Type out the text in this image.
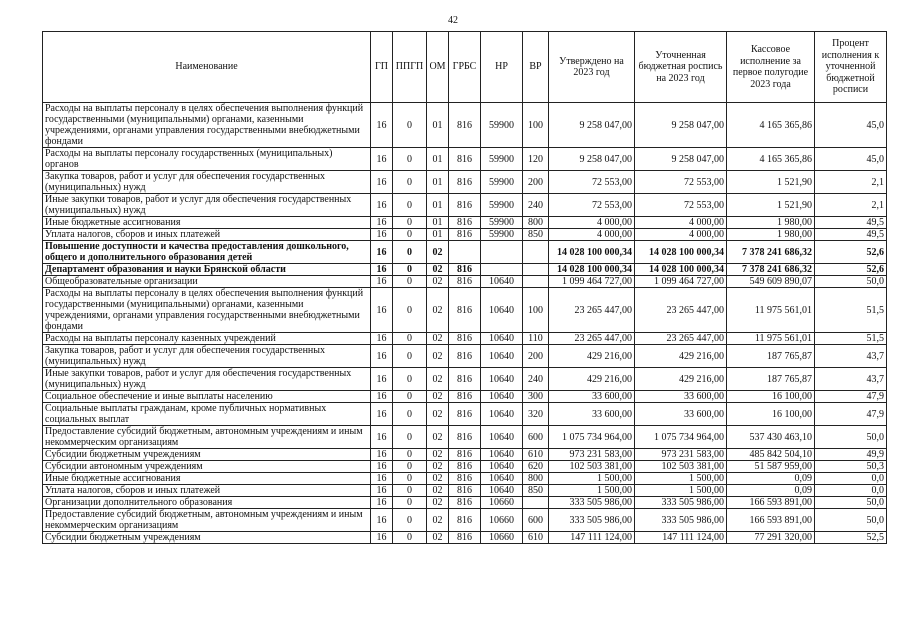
42
Наименование	ГП	ППГП	ОМ	ГРБС	НР	ВР	Утверждено на 2023 год	Уточненная бюджетная роспись на 2023 год	Кассовое исполнение за первое полугодие 2023 года	Процент исполнения к уточненной бюджетной росписи
Расходы на выплаты персоналу в целях обеспечения выполнения функций государственными (муниципальными) органами, казенными учреждениями, органами управления государственными внебюджетными фондами	16	0	01	816	59900	100	9 258 047,00	9 258 047,00	4 165 365,86	45,0
Расходы на выплаты персоналу государственных (муниципальных) органов	16	0	01	816	59900	120	9 258 047,00	9 258 047,00	4 165 365,86	45,0
Закупка товаров, работ и услуг для обеспечения государственных (муниципальных) нужд	16	0	01	816	59900	200	72 553,00	72 553,00	1 521,90	2,1
Иные закупки товаров, работ и услуг для обеспечения государственных (муниципальных) нужд	16	0	01	816	59900	240	72 553,00	72 553,00	1 521,90	2,1
Иные бюджетные ассигнования	16	0	01	816	59900	800	4 000,00	4 000,00	1 980,00	49,5
Уплата налогов, сборов и иных платежей	16	0	01	816	59900	850	4 000,00	4 000,00	1 980,00	49,5
Повышение доступности и качества предоставления дошкольного, общего и дополнительного образования детей	16	0	02				14 028 100 000,34	14 028 100 000,34	7 378 241 686,32	52,6
Департамент образования и науки Брянской области	16	0	02	816			14 028 100 000,34	14 028 100 000,34	7 378 241 686,32	52,6
Общеобразовательные организации	16	0	02	816	10640		1 099 464 727,00	1 099 464 727,00	549 609 890,07	50,0
Расходы на выплаты персоналу в целях обеспечения выполнения функций государственными (муниципальными) органами, казенными учреждениями, органами управления государственными внебюджетными фондами	16	0	02	816	10640	100	23 265 447,00	23 265 447,00	11 975 561,01	51,5
Расходы на выплаты персоналу казенных учреждений	16	0	02	816	10640	110	23 265 447,00	23 265 447,00	11 975 561,01	51,5
Закупка товаров, работ и услуг для обеспечения государственных (муниципальных) нужд	16	0	02	816	10640	200	429 216,00	429 216,00	187 765,87	43,7
Иные закупки товаров, работ и услуг для обеспечения государственных (муниципальных) нужд	16	0	02	816	10640	240	429 216,00	429 216,00	187 765,87	43,7
Социальное обеспечение и иные выплаты населению	16	0	02	816	10640	300	33 600,00	33 600,00	16 100,00	47,9
Социальные выплаты гражданам, кроме публичных нормативных социальных выплат	16	0	02	816	10640	320	33 600,00	33 600,00	16 100,00	47,9
Предоставление субсидий бюджетным, автономным учреждениям и иным некоммерческим организациям	16	0	02	816	10640	600	1 075 734 964,00	1 075 734 964,00	537 430 463,10	50,0
Субсидии бюджетным учреждениям	16	0	02	816	10640	610	973 231 583,00	973 231 583,00	485 842 504,10	49,9
Субсидии автономным учреждениям	16	0	02	816	10640	620	102 503 381,00	102 503 381,00	51 587 959,00	50,3
Иные бюджетные ассигнования	16	0	02	816	10640	800	1 500,00	1 500,00	0,09	0,0
Уплата налогов, сборов и иных платежей	16	0	02	816	10640	850	1 500,00	1 500,00	0,09	0,0
Организации дополнительного образования	16	0	02	816	10660		333 505 986,00	333 505 986,00	166 593 891,00	50,0
Предоставление субсидий бюджетным, автономным учреждениям и иным некоммерческим организациям	16	0	02	816	10660	600	333 505 986,00	333 505 986,00	166 593 891,00	50,0
Субсидии бюджетным учреждениям	16	0	02	816	10660	610	147 111 124,00	147 111 124,00	77 291 320,00	52,5
